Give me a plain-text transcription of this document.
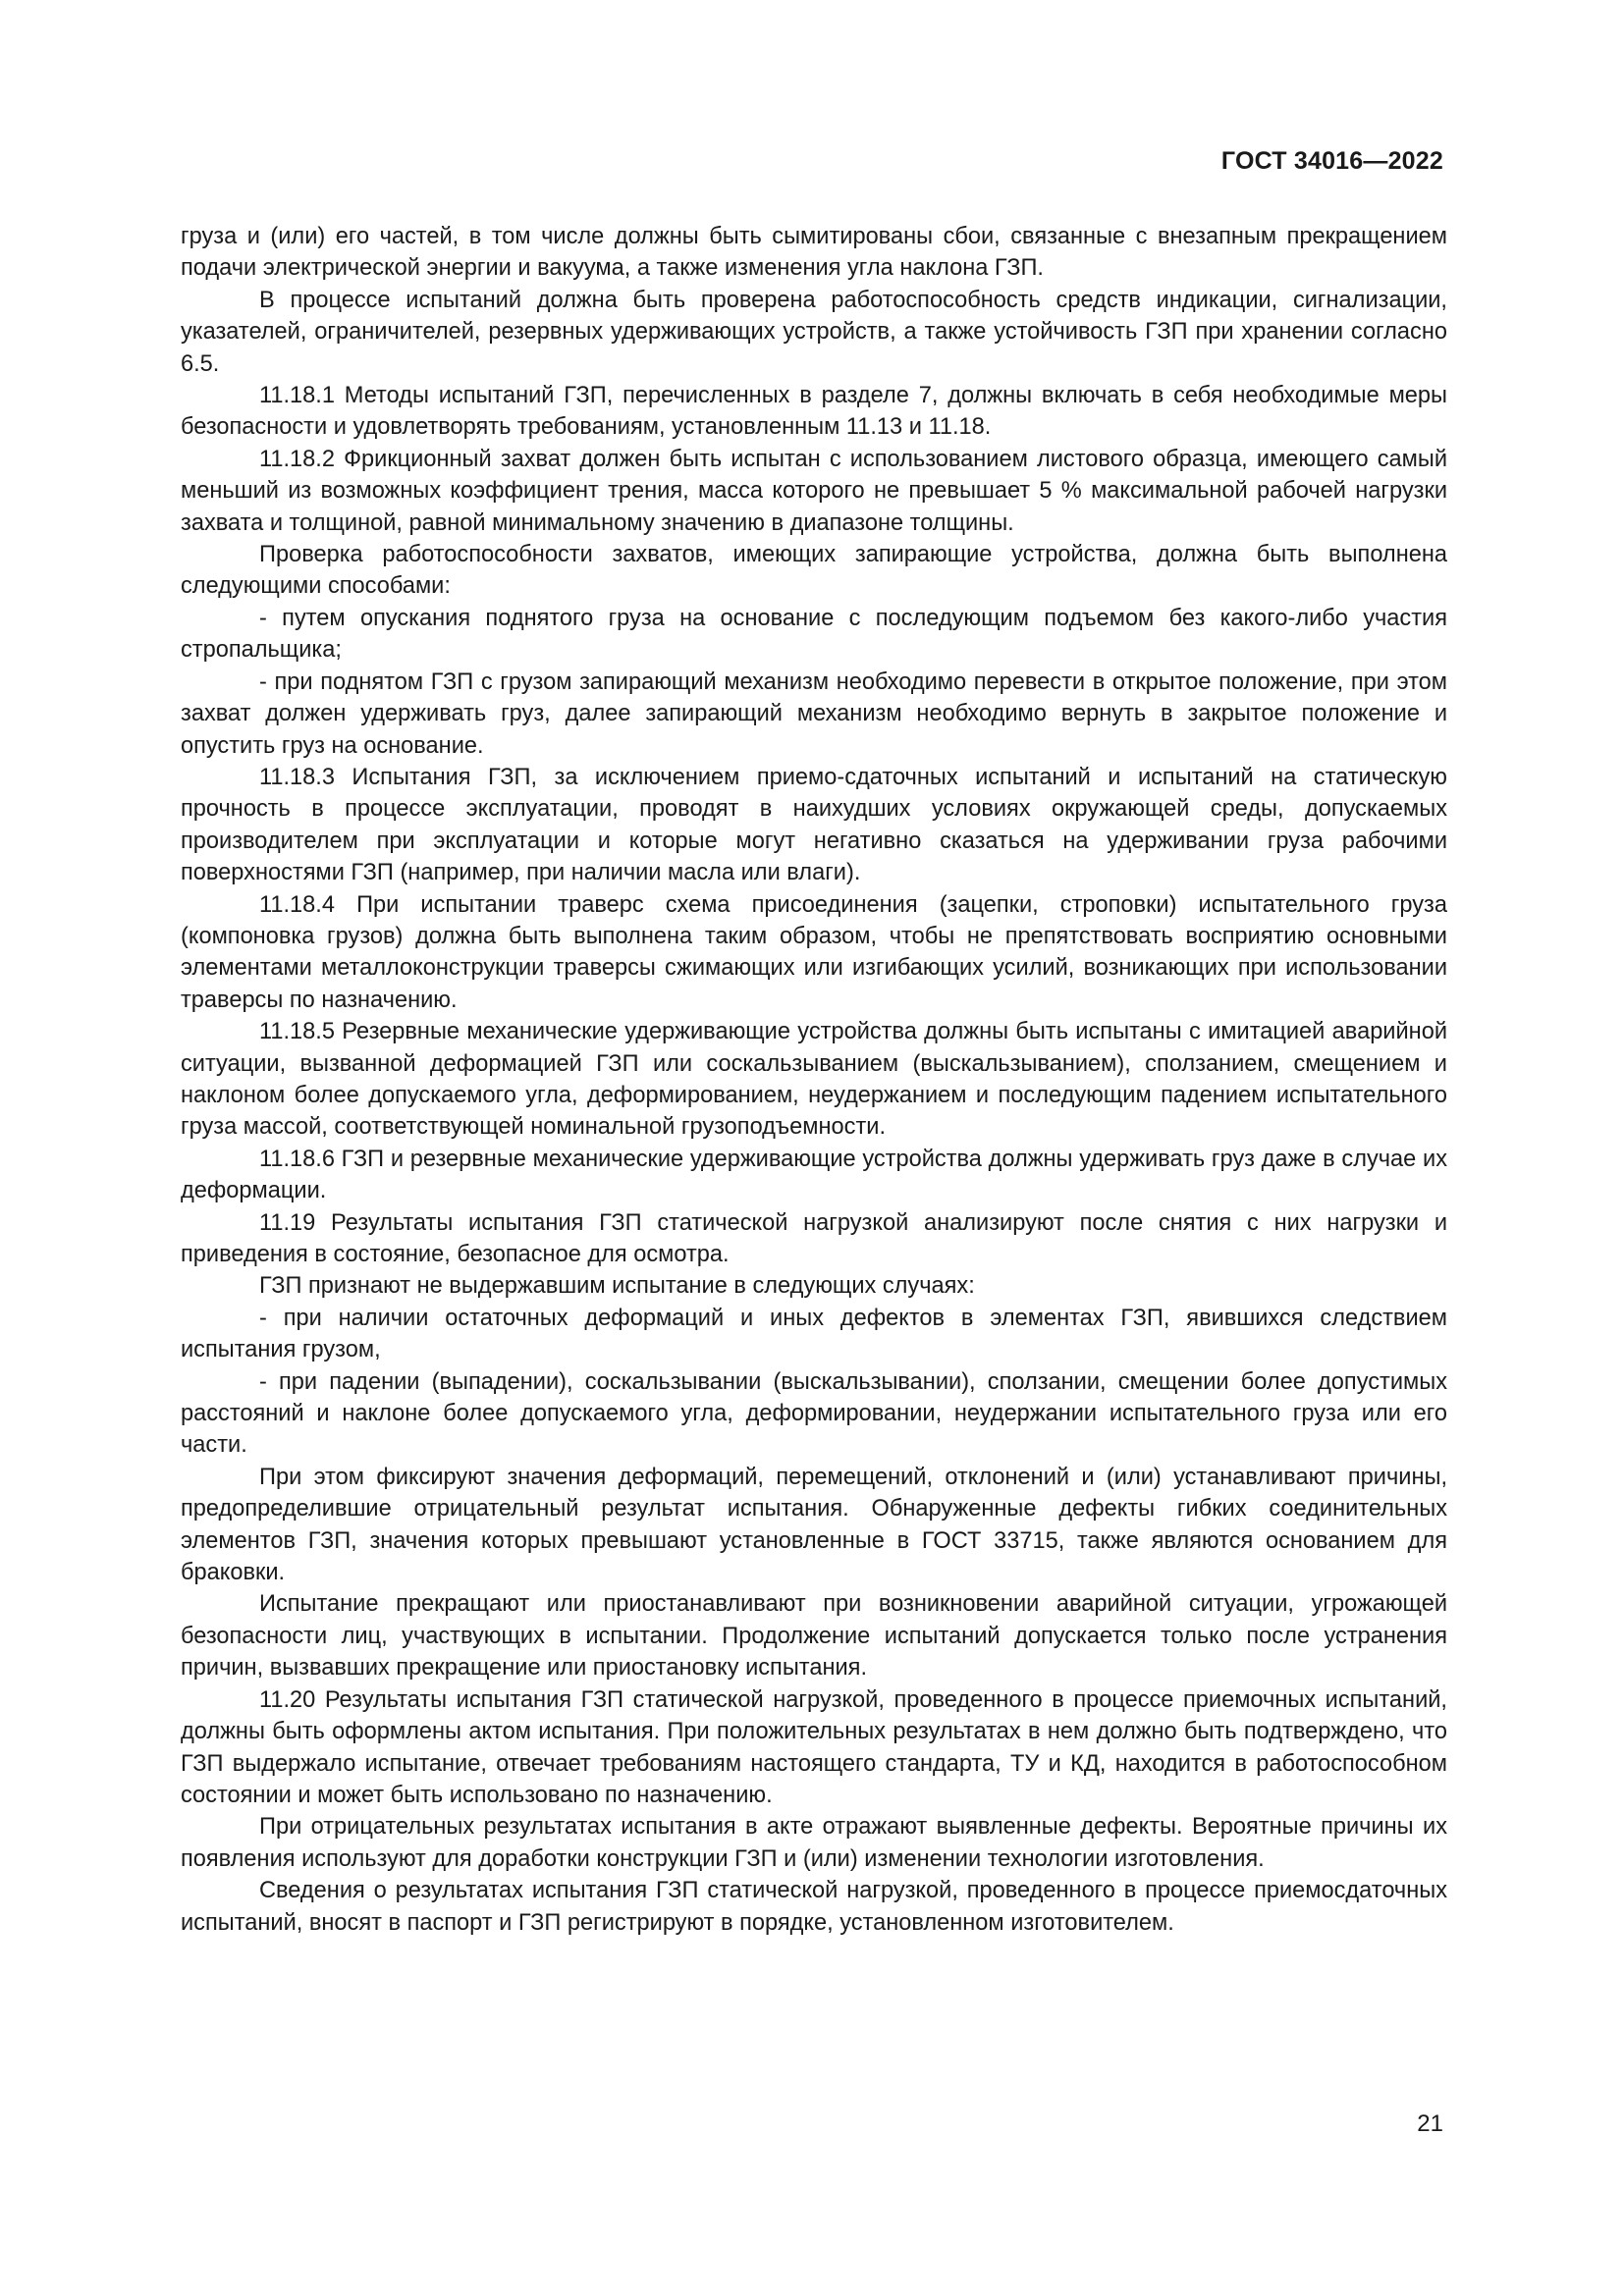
ГОСТ 34016—2022

груза и (или) его частей, в том числе должны быть сымитированы сбои, связанные с внезапным прекращением подачи электрической энергии и вакуума, а также изменения угла наклона ГЗП.

В процессе испытаний должна быть проверена работоспособность средств индикации, сигнализации, указателей, ограничителей, резервных удерживающих устройств, а также устойчивость ГЗП при хранении согласно 6.5.

11.18.1 Методы испытаний ГЗП, перечисленных в разделе 7, должны включать в себя необходимые меры безопасности и удовлетворять требованиям, установленным 11.13 и 11.18.

11.18.2 Фрикционный захват должен быть испытан с использованием листового образца, имеющего самый меньший из возможных коэффициент трения, масса которого не превышает 5 % максимальной рабочей нагрузки захвата и толщиной, равной минимальному значению в диапазоне толщины.

Проверка работоспособности захватов, имеющих запирающие устройства, должна быть выполнена следующими способами:

- путем опускания поднятого груза на основание с последующим подъемом без какого-либо участия стропальщика;

- при поднятом ГЗП с грузом запирающий механизм необходимо перевести в открытое положение, при этом захват должен удерживать груз, далее запирающий механизм необходимо вернуть в закрытое положение и опустить груз на основание.

11.18.3 Испытания ГЗП, за исключением приемо-сдаточных испытаний и испытаний на статическую прочность в процессе эксплуатации, проводят в наихудших условиях окружающей среды, допускаемых производителем при эксплуатации и которые могут негативно сказаться на удерживании груза рабочими поверхностями ГЗП (например, при наличии масла или влаги).

11.18.4 При испытании траверс схема присоединения (зацепки, строповки) испытательного груза (компоновка грузов) должна быть выполнена таким образом, чтобы не препятствовать восприятию основными элементами металлоконструкции траверсы сжимающих или изгибающих усилий, возникающих при использовании траверсы по назначению.

11.18.5 Резервные механические удерживающие устройства должны быть испытаны с имитацией аварийной ситуации, вызванной деформацией ГЗП или соскальзыванием (выскальзыванием), сползанием, смещением и наклоном более допускаемого угла, деформированием, неудержанием и последующим падением испытательного груза массой, соответствующей номинальной грузоподъемности.

11.18.6 ГЗП и резервные механические удерживающие устройства должны удерживать груз даже в случае их деформации.

11.19 Результаты испытания ГЗП статической нагрузкой анализируют после снятия с них нагрузки и приведения в состояние, безопасное для осмотра.

ГЗП признают не выдержавшим испытание в следующих случаях:

- при наличии остаточных деформаций и иных дефектов в элементах ГЗП, явившихся следствием испытания грузом,

- при падении (выпадении), соскальзывании (выскальзывании), сползании, смещении более допустимых расстояний и наклоне более допускаемого угла, деформировании, неудержании испытательного груза или его части.

При этом фиксируют значения деформаций, перемещений, отклонений и (или) устанавливают причины, предопределившие отрицательный результат испытания. Обнаруженные дефекты гибких соединительных элементов ГЗП, значения которых превышают установленные в ГОСТ 33715, также являются основанием для браковки.

Испытание прекращают или приостанавливают при возникновении аварийной ситуации, угрожающей безопасности лиц, участвующих в испытании. Продолжение испытаний допускается только после устранения причин, вызвавших прекращение или приостановку испытания.

11.20 Результаты испытания ГЗП статической нагрузкой, проведенного в процессе приемочных испытаний, должны быть оформлены актом испытания. При положительных результатах в нем должно быть подтверждено, что ГЗП выдержало испытание, отвечает требованиям настоящего стандарта, ТУ и КД, находится в работоспособном состоянии и может быть использовано по назначению.

При отрицательных результатах испытания в акте отражают выявленные дефекты. Вероятные причины их появления используют для доработки конструкции ГЗП и (или) изменении технологии изготовления.

Сведения о результатах испытания ГЗП статической нагрузкой, проведенного в процессе приемосдаточных испытаний, вносят в паспорт и ГЗП регистрируют в порядке, установленном изготовителем.

21
